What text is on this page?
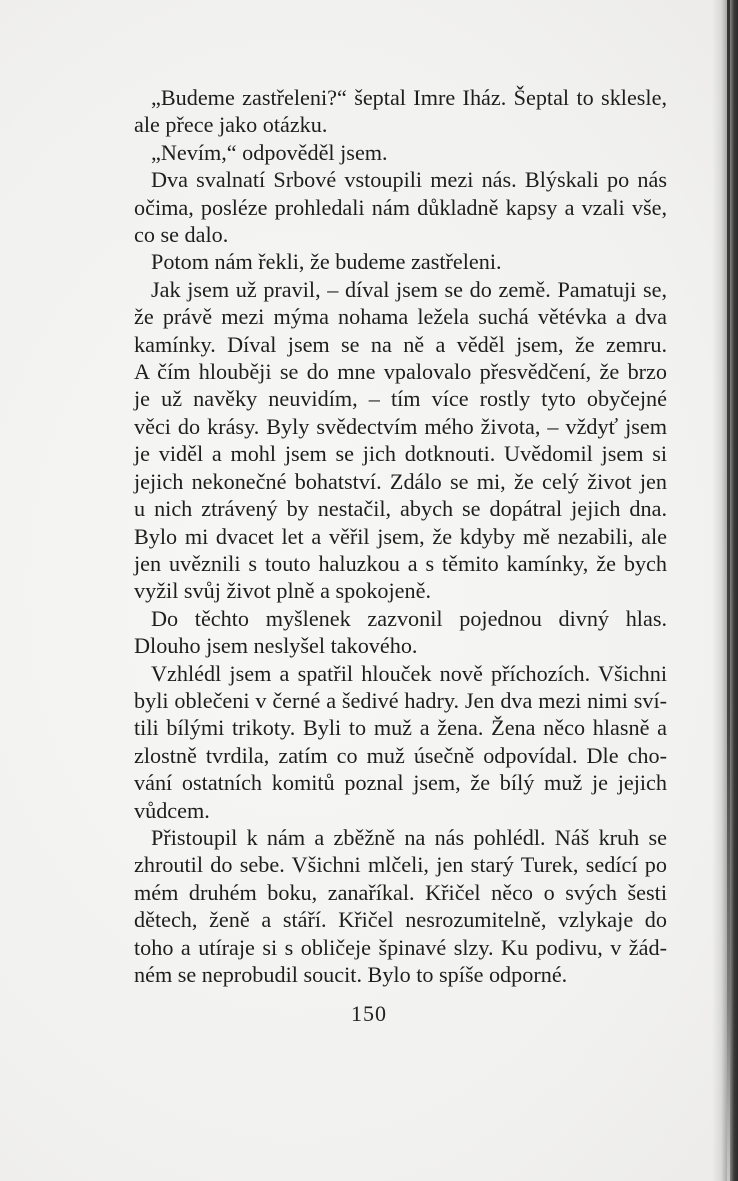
„Budeme zastřeleni?“ šeptal Imre Iház. Šeptal to sklesle,
ale přece jako otázku.

„Nevím,“ odpověděl jsem.

Dva svalnatí Srbové vstoupili mezi nás. Blýskali po nás
očima, posléze prohledali nám důkladně kapsy a vzali vše,
co se dalo.

Potom nám řekli, že budeme zastřeleni.

Jak jsem už pravil, – díval jsem se do země. Pamatuji se,
že právě mezi mýma nohama ležela suchá větévka a dva
kamínky. Díval jsem se na ně a věděl jsem, že zemru.
A čím hlouběji se do mne vpalovalo přesvědčení, že brzo
je už navěky neuvidím, – tím více rostly tyto obyčejné
věci do krásy. Byly svědectvím mého života, – vždyť jsem
je viděl a mohl jsem se jich dotknouti. Uvědomil jsem si
jejich nekonečné bohatství. Zdálo se mi, že celý život jen
u nich ztrávený by nestačil, abych se dopátral jejich dna.
Bylo mi dvacet let a věřil jsem, že kdyby mě nezabili, ale
jen uvěznili s touto haluzkou a s těmito kamínky, že bych
vyžil svůj život plně a spokojeně.

Do těchto myšlenek zazvonil pojednou divný hlas.
Dlouho jsem neslyšel takového.

Vzhlédl jsem a spatřil hlouček nově příchozích. Všichni
byli oblečeni v černé a šedivé hadry. Jen dva mezi nimi sví-
tili bílými trikoty. Byli to muž a žena. Žena něco hlasně a
zlostně tvrdila, zatím co muž úsečně odpovídal. Dle cho-
vání ostatních komitů poznal jsem, že bílý muž je jejich
vůdcem.

Přistoupil k nám a zběžně na nás pohlédl. Náš kruh se
zhroutil do sebe. Všichni mlčeli, jen starý Turek, sedící po
mém druhém boku, zanaříkal. Křičel něco o svých šesti
dětech, ženě a stáří. Křičel nesrozumitelně, vzlykaje do
toho a utíraje si s obličeje špinavé slzy. Ku podivu, v žád-
ném se neprobudil soucit. Bylo to spíše odporné.

150
